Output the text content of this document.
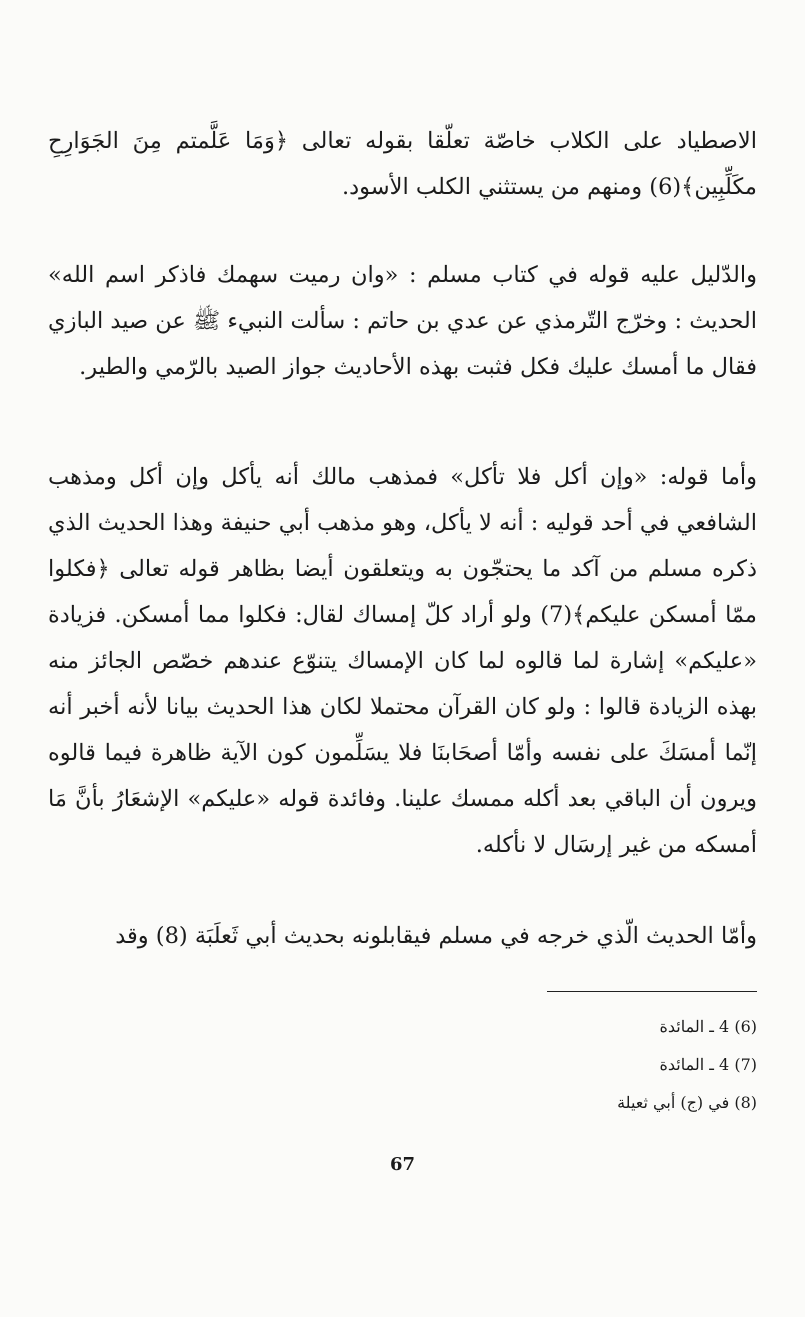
الاصطياد على الكلاب خاصّة تعلّقا بقوله تعالى ﴿وَمَا عَلَّمتم مِنَ الجَوَارِحِ مكَلِّبِين﴾(6) ومنهم من يستثني الكلب الأسود.

والدّليل عليه قوله في كتاب مسلم : «وان رميت سهمك فاذكر اسم الله» الحديث : وخرّج التّرمذي عن عدي بن حاتم : سألت النبيء ﷺ عن صيد البازي فقال ما أمسك عليك فكل فثبت بهذه الأحاديث جواز الصيد بالرّمي والطير.

وأما قوله: «وإن أكل فلا تأكل» فمذهب مالك أنه يأكل وإن أكل ومذهب الشافعي في أحد قوليه : أنه لا يأكل، وهو مذهب أبي حنيفة وهذا الحديث الذي ذكره مسلم من آكد ما يحتجّون به ويتعلقون أيضا بظاهر قوله تعالى ﴿فكلوا ممّا أمسكن عليكم﴾(7) ولو أراد كلّ إمساك لقال: فكلوا مما أمسكن. فزيادة «عليكم» إشارة لما قالوه لما كان الإمساك يتنوّع عندهم خصّص الجائز منه بهذه الزيادة قالوا : ولو كان القرآن محتملا لكان هذا الحديث بيانا لأنه أخبر أنه إنّما أمسَكَ على نفسه وأمّا أصحَابنَا فلا يسَلِّمون كون الآية ظاهرة فيما قالوه ويرون أن الباقي بعد أكله ممسك علينا. وفائدة قوله «عليكم» الإشعَارُ بأنَّ مَا أمسكه من غير إرسَال لا نأكله.

وأمّا الحديث الّذي خرجه في مسلم فيقابلونه بحديث أبي ثَعلَبَة (8) وقد

(6) 4 ـ المائدة
(7) 4 ـ المائدة
(8) في (ج) أبي ثعيلة
67
